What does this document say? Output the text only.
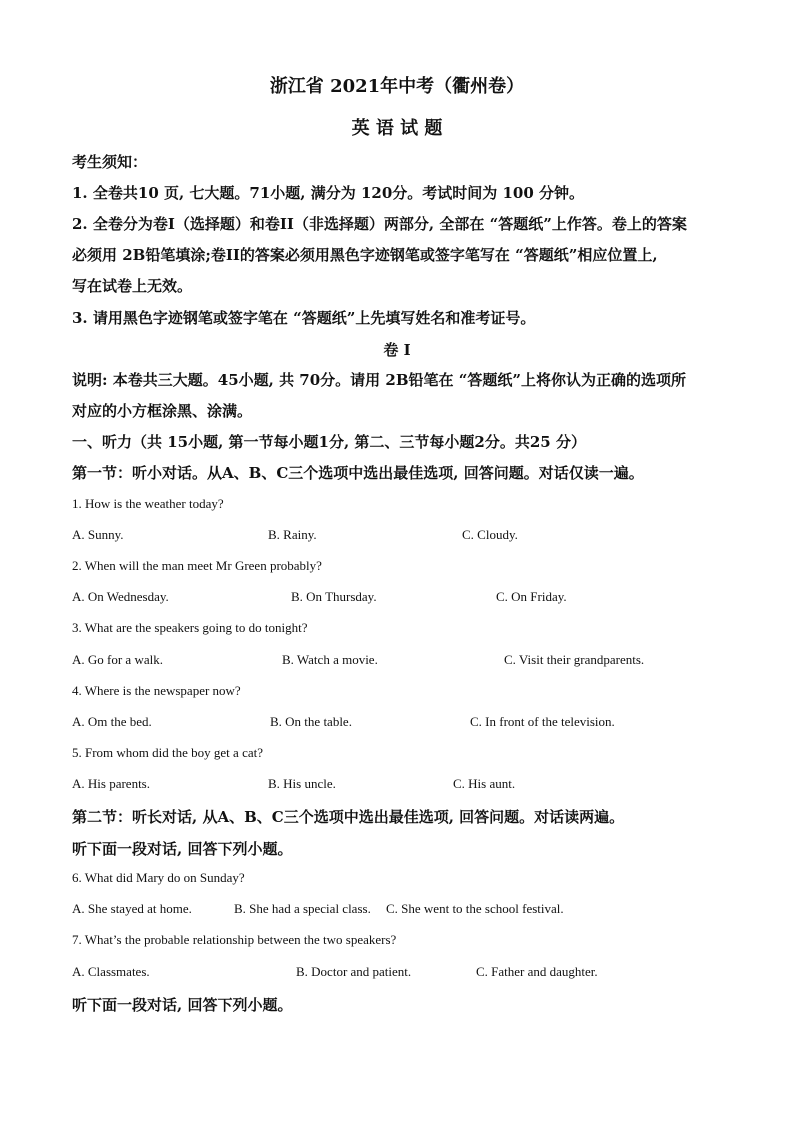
浙江省 2021年中考（衢州卷）
英 语 试 题
考生须知：
1. 全卷共10 页, 七大题。71小题, 满分为 120分。考试时间为 100 分钟。
2. 全卷分为卷I（选择题）和卷II（非选择题）两部分, 全部在 “答题纸”上作答。卷上的答案
必须用 2B铅笔填涂;卷II的答案必须用黑色字迹钢笔或签字笔写在 “答题纸”相应位置上,
写在试卷上无效。
3. 请用黑色字迹钢笔或签字笔在 “答题纸”上先填写姓名和准考证号。
卷 I
说明: 本卷共三大题。45小题, 共 70分。请用 2B铅笔在 “答题纸”上将你认为正确的选项所
对应的小方框涂黑、涂满。
一、听力（共 15小题, 第一节每小题1分, 第二、三节每小题2分。共25 分）
第一节：听小对话。从A、B、C三个选项中选出最佳选项, 回答问题。对话仅读一遍。
1. How is the weather today?
A. Sunny.	B. Rainy.	C. Cloudy.
2. When will the man meet Mr Green probably?
A. On Wednesday.	B. On Thursday.	C. On Friday.
3. What are the speakers going to do tonight?
A. Go for a walk.	B. Watch a movie.	C. Visit their grandparents.
4. Where is the newspaper now?
A. Om the bed.	B. On the table.	C. In front of the television.
5. From whom did the boy get a cat?
A. His parents.	B. His uncle.	C. His aunt.
第二节：听长对话, 从A、B、C三个选项中选出最佳选项, 回答问题。对话读两遍。
听下面一段对话, 回答下列小题。
6. What did Mary do on Sunday?
A. She stayed at home.	B. She had a special class. C. She went to the school festival.
7. What’s the probable relationship between the two speakers?
A. Classmates.	B. Doctor and patient.	C. Father and daughter.
听下面一段对话, 回答下列小题。
